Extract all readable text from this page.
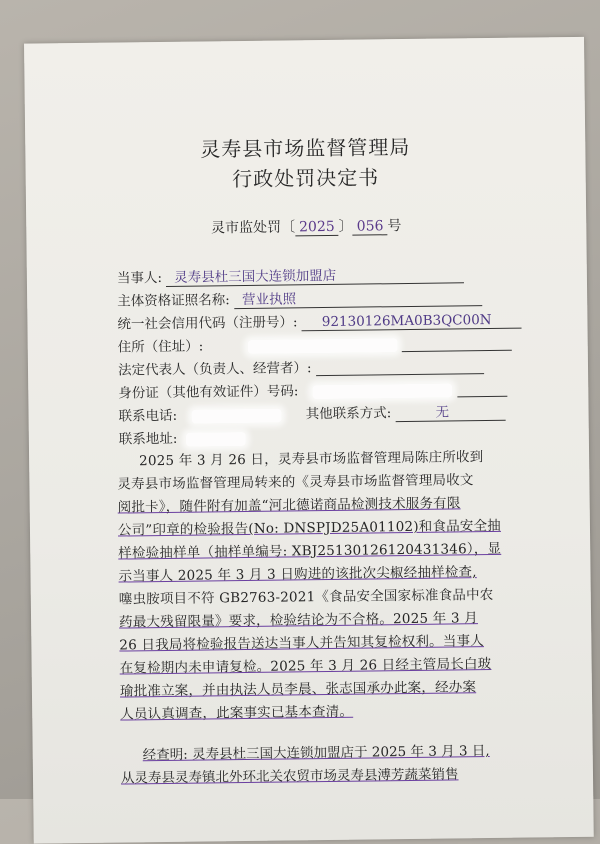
灵寿县市场监督管理局
行政处罚决定书
灵市监处罚〔 2025 〕 056 号
当事人: 灵寿县杜三国大连锁加盟店
主体资格证照名称: 营业执照
统一社会信用代码（注册号）: 92130126MA0B3QC00N
住所（住址）:
法定代表人（负责人、经营者）:
身份证（其他有效证件）号码:
联系电话:	其他联系方式:	无
联系地址:
2025 年 3 月 26 日，灵寿县市场监督管理局陈庄所收到
灵寿县市场监督管理局转来的《灵寿县市场监督管理局收文
阅批卡》，随件附有加盖“河北德诺商品检测技术服务有限
公司”印章的检验报告(No: DNSPJD25A01102)和食品安全抽
样检验抽样单（抽样单编号: XBJ25130126120431346），显
示当事人 2025 年 3 月 3 日购进的该批次尖椒经抽样检查,
噻虫胺项目不符 GB2763-2021《食品安全国家标准食品中农
药最大残留限量》要求，检验结论为不合格。2025 年 3 月
26 日我局将检验报告送达当事人并告知其复检权利。当事人
在复检期内未申请复检。2025 年 3 月 26 日经主管局长白玻
瑜批准立案，并由执法人员李晨、张志国承办此案，经办案
人员认真调查，此案事实已基本查清。
经查明: 灵寿县杜三国大连锁加盟店于 2025 年 3 月 3 日,
从灵寿县灵寿镇北外环北关农贸市场灵寿县溥芳蔬菜销售
